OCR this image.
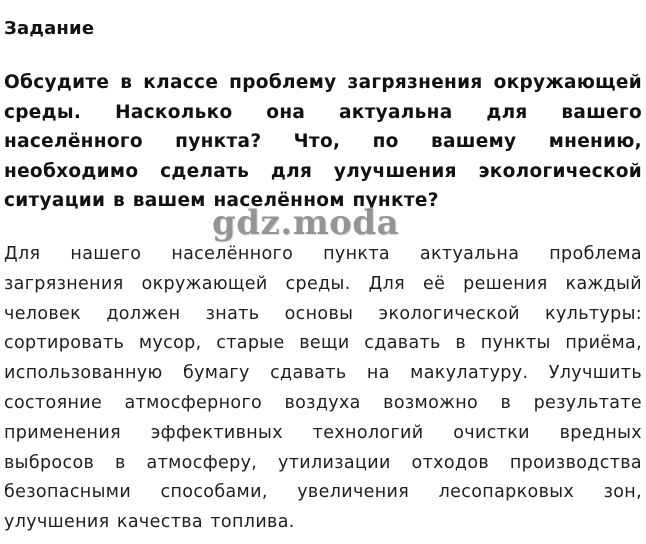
Задание
Обсудите в классе проблему загрязнения окружающей среды. Насколько она актуальна для вашего населённого пункта? Что, по вашему мнению, необходимо сделать для улучшения экологической ситуации в вашем населённом пункте?
Для нашего населённого пункта актуальна проблема загрязнения окружающей среды. Для её решения каждый человек должен знать основы экологической культуры: сортировать мусор, старые вещи сдавать в пункты приёма, использованную бумагу сдавать на макулатуру. Улучшить состояние атмосферного воздуха возможно в результате применения эффективных технологий очистки вредных выбросов в атмосферу, утилизации отходов производства безопасными способами, увеличения лесопарковых зон, улучшения качества топлива.
gdz.moda
